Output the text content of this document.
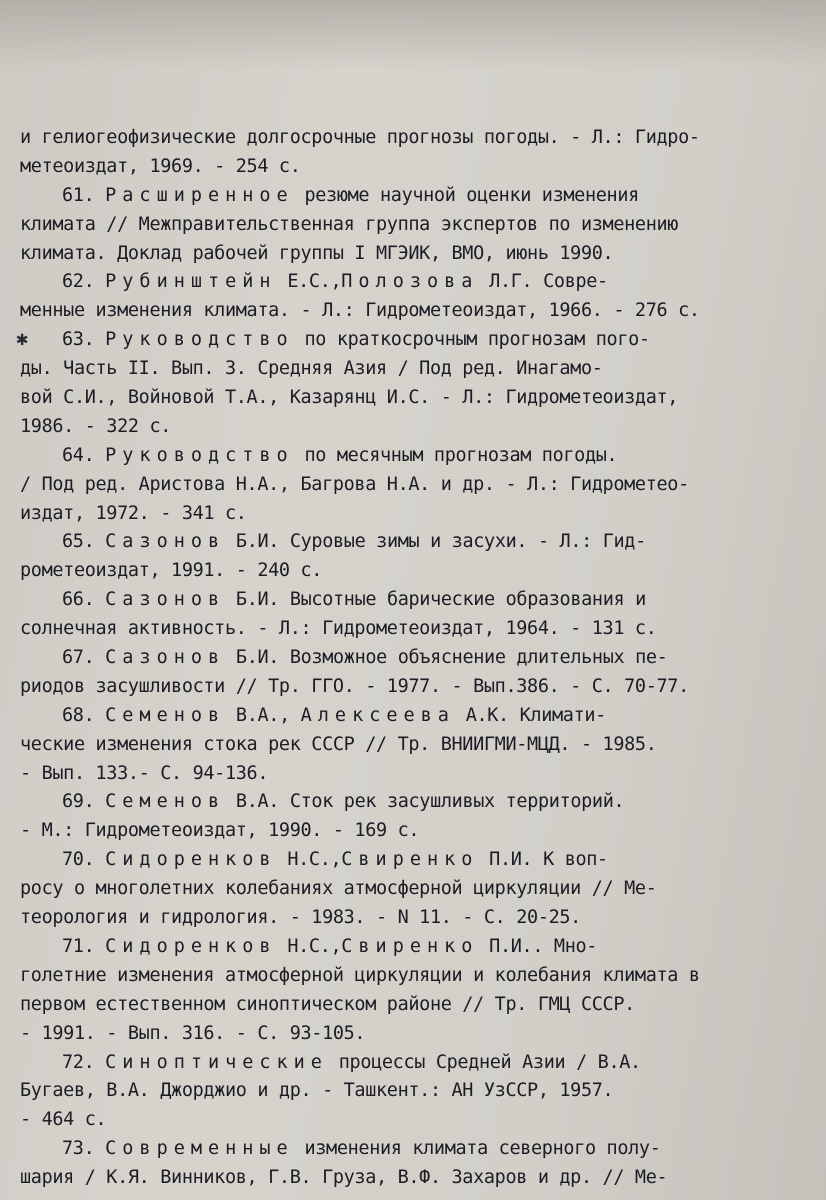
✱
и гелиогеофизические долгосрочные прогнозы погоды. - Л.: Гидро-
метеоиздат, 1969. - 254 с.
61. Расширенное резюме научной оценки изменения
климата // Межправительственная группа экспертов по изменению
климата. Доклад рабочей группы I МГЭИК, ВМО, июнь 1990.
62. Рубинштейн Е.С.,Полозова Л.Г. Совре-
менные изменения климата. - Л.: Гидрометеоиздат, 1966. - 276 с.
63. Руководство по краткосрочным прогнозам пого-
ды. Часть II. Вып. 3. Средняя Азия / Под ред. Инагамо-
вой С.И., Войновой Т.А., Казарянц И.С. - Л.: Гидрометеоиздат,
1986. - 322 с.
64. Руководство по месячным прогнозам погоды.
/ Под ред. Аристова Н.А., Багрова Н.А. и др. - Л.: Гидрометео-
издат, 1972. - 341 с.
65. Сазонов Б.И. Суровые зимы и засухи. - Л.: Гид-
рометеоиздат, 1991. - 240 с.
66. Сазонов Б.И. Высотные барические образования и
солнечная активность. - Л.: Гидрометеоиздат, 1964. - 131 с.
67. Сазонов Б.И. Возможное объяснение длительных пе-
риодов засушливости // Тр. ГГО. - 1977. - Вып.386. - С. 70-77.
68. Семенов В.А., Алексеева А.К. Климати-
ческие изменения стока рек СССР // Тр. ВНИИГМИ-МЦД. - 1985.
- Вып. 133.- С. 94-136.
69. Семенов В.А. Сток рек засушливых территорий.
- М.: Гидрометеоиздат, 1990. - 169 с.
70. Сидоренков Н.С.,Свиренко П.И. К воп-
росу о многолетних колебаниях атмосферной циркуляции // Ме-
теорология и гидрология. - 1983. - N 11. - С. 20-25.
71. Сидоренков Н.С.,Свиренко П.И.. Мно-
голетние изменения атмосферной циркуляции и колебания климата в
первом естественном синоптическом районе // Тр. ГМЦ СССР.
- 1991. - Вып. 316. - С. 93-105.
72. Синоптические процессы Средней Азии / В.А.
Бугаев, В.А. Джорджио и др. - Ташкент.: АН УзССР, 1957.
- 464 с.
73. Современные изменения климата северного полу-
шария / К.Я. Винников, Г.В. Груза, В.Ф. Захаров и др. // Ме-
